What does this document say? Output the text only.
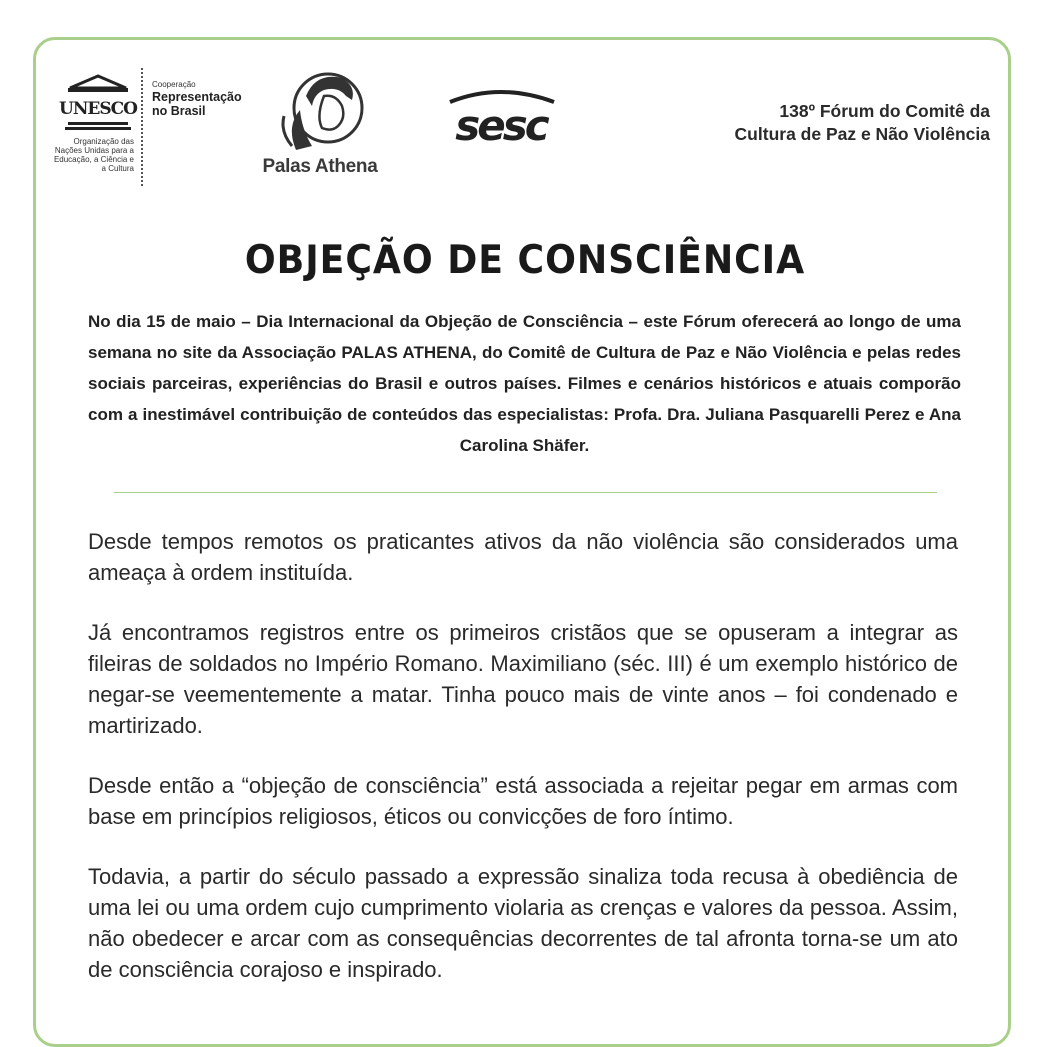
UNESCO
Organização das Nações Unidas para a Educação, a Ciência e a Cultura
Cooperação
Representação
no Brasil
Palas Athena
sesc	138º Fórum do Comitê da
Cultura de Paz e Não Violência
OBJEÇÃO DE CONSCIÊNCIA
No dia 15 de maio – Dia Internacional da Objeção de Consciência – este Fórum oferecerá ao longo de uma semana no site da Associação PALAS ATHENA, do Comitê de Cultura de Paz e Não Violência e pelas redes sociais parceiras, experiências do Brasil e outros países. Filmes e cenários históricos e atuais comporão com a inestimável contribuição de conteúdos das especialistas: Profa. Dra. Juliana Pasquarelli Perez e Ana Carolina Shäfer.

Desde tempos remotos os praticantes ativos da não violência são considerados uma ameaça à ordem instituída.

Já encontramos registros entre os primeiros cristãos que se opuseram a integrar as fileiras de soldados no Império Romano. Maximiliano (séc. III) é um exemplo histórico de negar-se veementemente a matar. Tinha pouco mais de vinte anos – foi condenado e martirizado.

Desde então a “objeção de consciência” está associada a rejeitar pegar em armas com base em princípios religiosos, éticos ou convicções de foro íntimo.

Todavia, a partir do século passado a expressão sinaliza toda recusa à obediência de uma lei ou uma ordem cujo cumprimento violaria as crenças e valores da pessoa. Assim, não obedecer e arcar com as consequências decorrentes de tal afronta torna-se um ato de consciência corajoso e inspirado.
